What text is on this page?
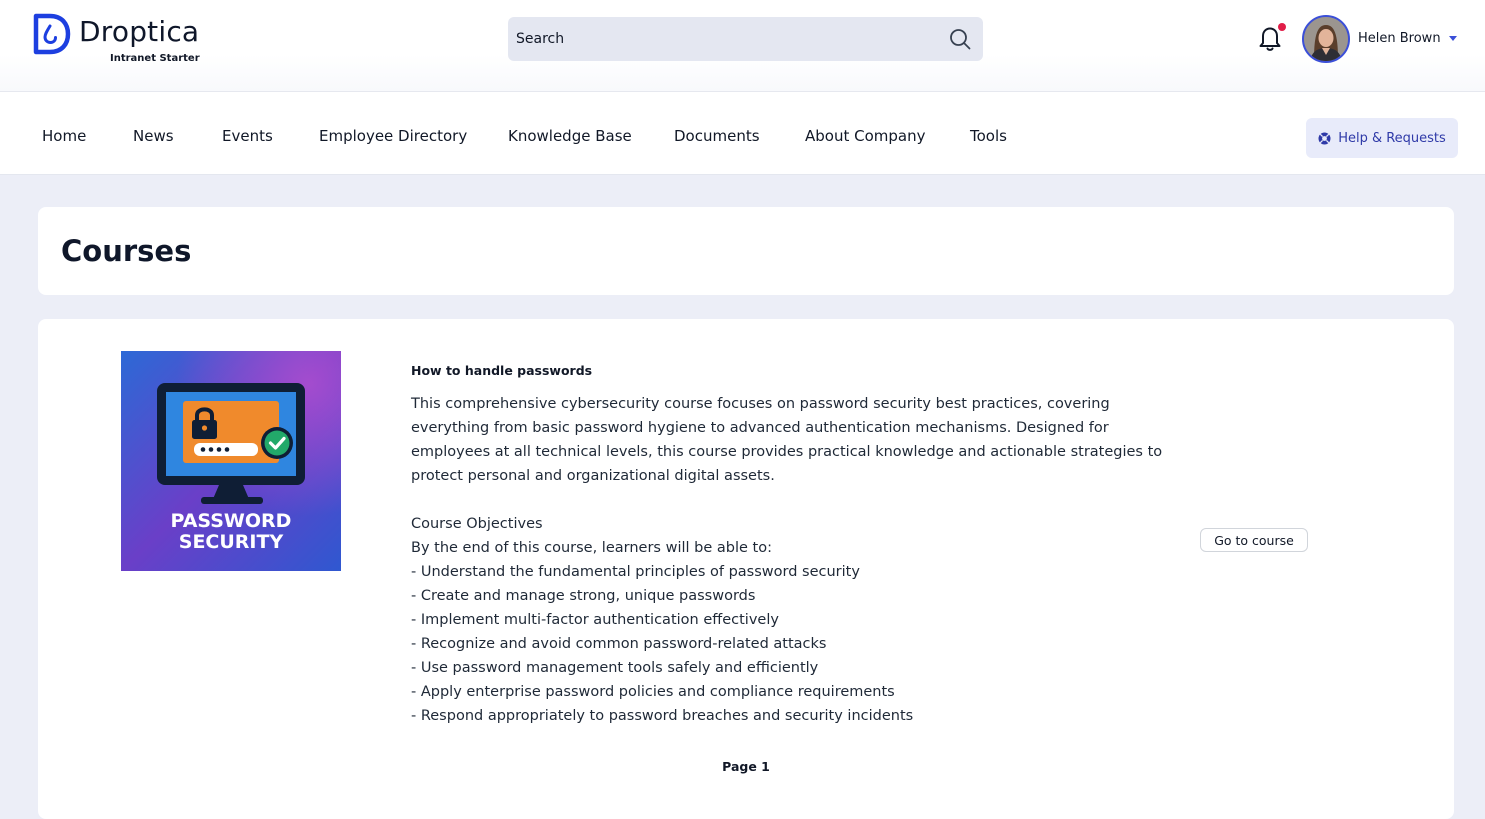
Droptica
Intranet Starter
Search
Helen Brown
Home	News	Events	Employee Directory	Knowledge Base	Documents	About Company	Tools	Help & Requests
Courses
PASSWORD
SECURITY
How to handle passwords

This comprehensive cybersecurity course focuses on password security best practices, covering everything from basic password hygiene to advanced authentication mechanisms. Designed for employees at all technical levels, this course provides practical knowledge and actionable strategies to protect personal and organizational digital assets.

Course Objectives
By the end of this course, learners will be able to:
- Understand the fundamental principles of password security
- Create and manage strong, unique passwords
- Implement multi-factor authentication effectively
- Recognize and avoid common password-related attacks
- Use password management tools safely and efficiently
- Apply enterprise password policies and compliance requirements
- Respond appropriately to password breaches and security incidents
Go to course
Page 1
